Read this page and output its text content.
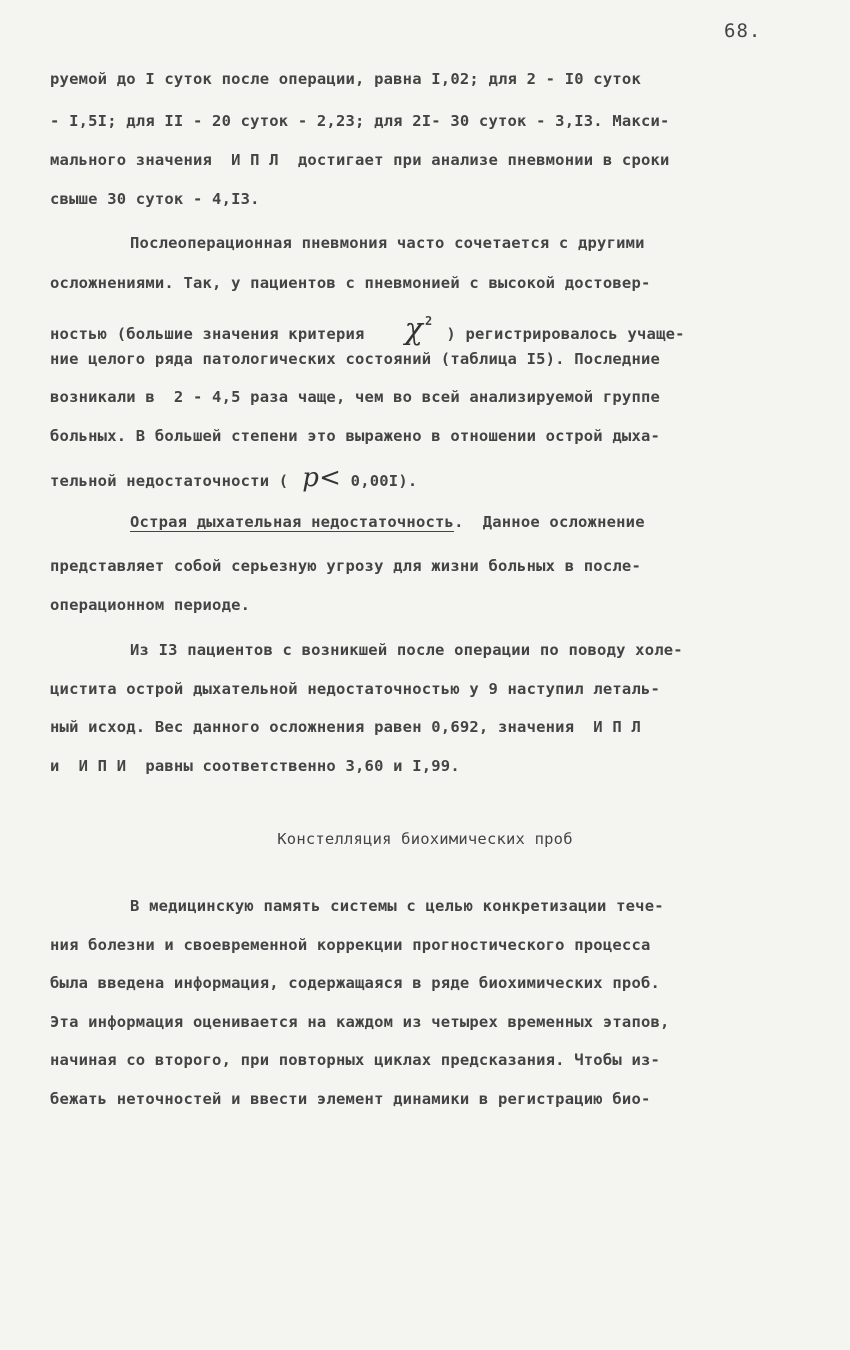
68.
руемой до I суток после операции, равна I,02; для 2 - I0 суток
- I,5I; для II - 20 суток - 2,23; для 2I- 30 суток - 3,I3. Макси-
мального значения  И П Л  достигает при анализе пневмонии в сроки
свыше 30 суток - 4,I3.
Послеоперационная пневмония часто сочетается с другими
осложнениями. Так, у пациентов с пневмонией с высокой достовер-
ностью (большие значения критерия χ $^2$) регистрировалось учаще-
ние целого ряда патологических состояний (таблица I5). Последние
возникали в  2 - 4,5 раза чаще, чем во всей анализируемой группе
больных. В большей степени это выражено в отношении острой дыха-
тельной недостаточности ( p< 0,00I).
Острая дыхательная недостаточность.  Данное осложнение
представляет собой серьезную угрозу для жизни больных в после-
операционном периоде.
Из I3 пациентов с возникшей после операции по поводу холе-
цистита острой дыхательной недостаточностью у 9 наступил леталь-
ный исход. Вес данного осложнения равен 0,692, значения  И П Л
и  И П И  равны соответственно 3,60 и I,99.
Констелляция биохимических проб
В медицинскую память системы с целью конкретизации тече-
ния болезни и своевременной коррекции прогностического процесса
была введена информация, содержащаяся в ряде биохимических проб.
Эта информация оценивается на каждом из четырех временных этапов,
начиная со второго, при повторных циклах предсказания. Чтобы из-
бежать неточностей и ввести элемент динамики в регистрацию био-
